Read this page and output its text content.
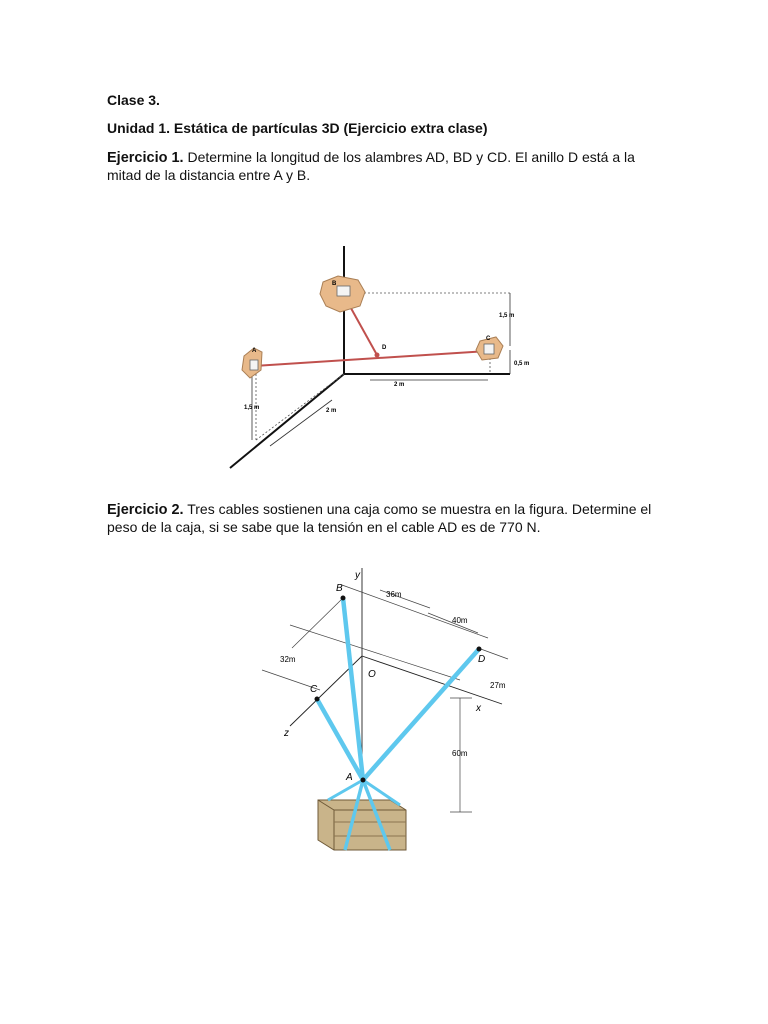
Clase 3.
Unidad 1. Estática de partículas 3D (Ejercicio extra clase)
Ejercicio 1. Determine la longitud de los alambres AD, BD y CD. El anillo D está a la mitad de la distancia entre A y B.
B
C
D
A
1,5 m
0,5 m
2 m
2 m
1,5 m
Ejercicio 2. Tres cables sostienen una caja como se muestra en la figura. Determine el peso de la caja, si se sabe que la tensión en el cable AD es de 770 N.
y
x
z
O
B
C
D
A
36m
40m
32m
27m
60m
